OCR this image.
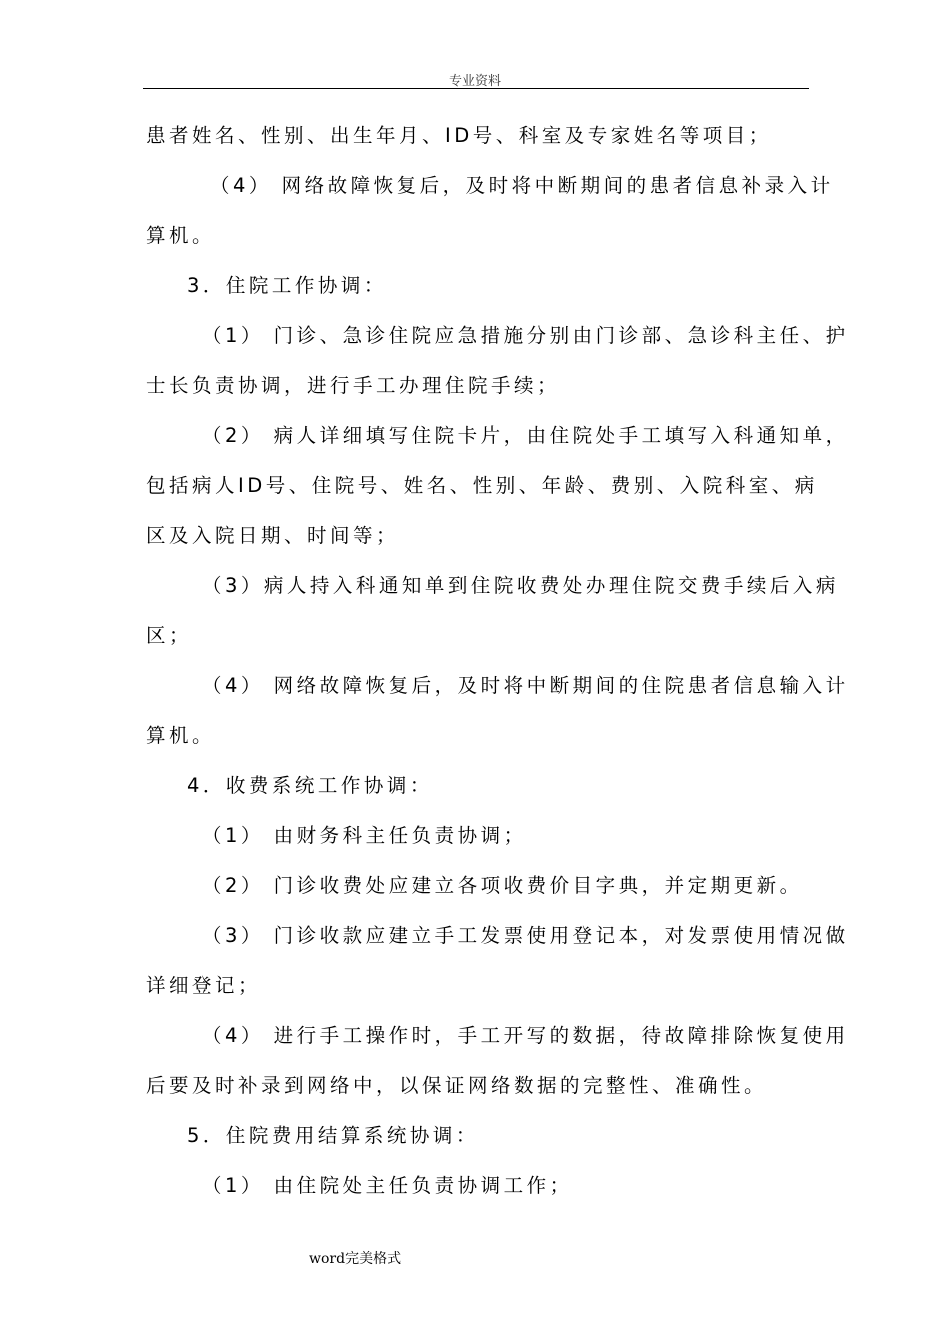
专业资料
患者姓名、性别、出生年月、ID号、科室及专家姓名等项目；
（4） 网络故障恢复后，及时将中断期间的患者信息补录入计
算机。
3．住院工作协调：
（1） 门诊、急诊住院应急措施分别由门诊部、急诊科主任、护
士长负责协调，进行手工办理住院手续；
（2） 病人详细填写住院卡片，由住院处手工填写入科通知单，
包括病人ID号、住院号、姓名、性别、年龄、费别、入院科室、病
区及入院日期、时间等；
（3）病人持入科通知单到住院收费处办理住院交费手续后入病
区；
（4） 网络故障恢复后，及时将中断期间的住院患者信息输入计
算机。
4．收费系统工作协调：
（1） 由财务科主任负责协调；
（2） 门诊收费处应建立各项收费价目字典，并定期更新。
（3） 门诊收款应建立手工发票使用登记本，对发票使用情况做
详细登记；
（4） 进行手工操作时，手工开写的数据，待故障排除恢复使用
后要及时补录到网络中，以保证网络数据的完整性、准确性。
5．住院费用结算系统协调：
（1） 由住院处主任负责协调工作；
word完美格式
